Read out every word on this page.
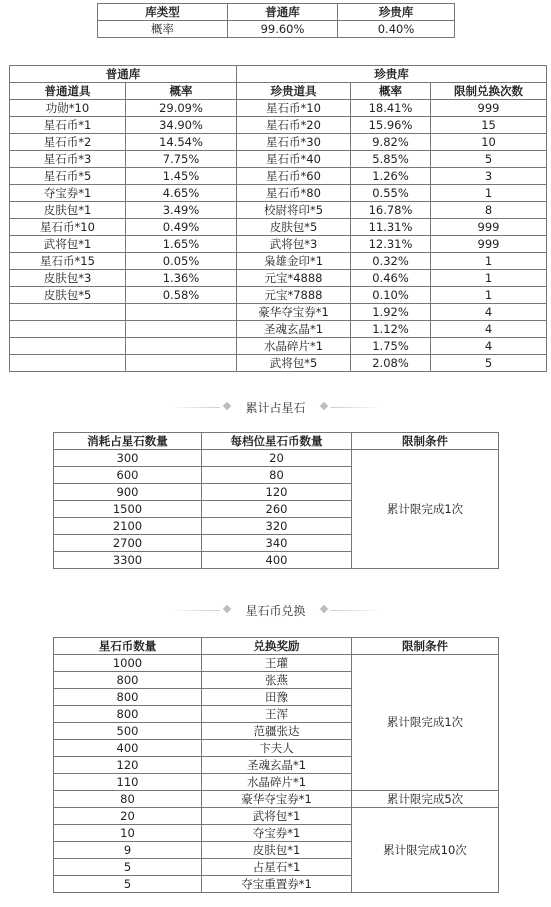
库类型	普通库	珍贵库
概率	99.60%	0.40%
普通库		珍贵库		
普通道具	概率	珍贵道具	概率	限制兑换次数
功勋*10	29.09%	星石币*10	18.41%	999
星石币*1	34.90%	星石币*20	15.96%	15
星石币*2	14.54%	星石币*30	9.82%	10
星石币*3	7.75%	星石币*40	5.85%	5
星石币*5	1.45%	星石币*60	1.26%	3
夺宝券*1	4.65%	星石币*80	0.55%	1
皮肤包*1	3.49%	校尉将印*5	16.78%	8
星石币*10	0.49%	皮肤包*5	11.31%	999
武将包*1	1.65%	武将包*3	12.31%	999
星石币*15	0.05%	枭雄金印*1	0.32%	1
皮肤包*3	1.36%	元宝*4888	0.46%	1
皮肤包*5	0.58%	元宝*7888	0.10%	1
		豪华夺宝券*1	1.92%	4
		圣魂玄晶*1	1.12%	4
		水晶碎片*1	1.75%	4
		武将包*5	2.08%	5
累计占星石
消耗占星石数量	每档位星石币数量	限制条件
300	20	累计限完成1次
600	80	
900	120	
1500	260	
2100	320	
2700	340	
3300	400	
星石币兑换
星石币数量	兑换奖励	限制条件
1000	王瓘	累计限完成1次
800	张燕	
800	田豫	
800	王浑	
500	范疆张达	
400	卞夫人	
120	圣魂玄晶*1	
110	水晶碎片*1	
80	豪华夺宝券*1	累计限完成5次
20	武将包*1	累计限完成10次
10	夺宝券*1	
9	皮肤包*1	
5	占星石*1	
5	夺宝重置券*1	
